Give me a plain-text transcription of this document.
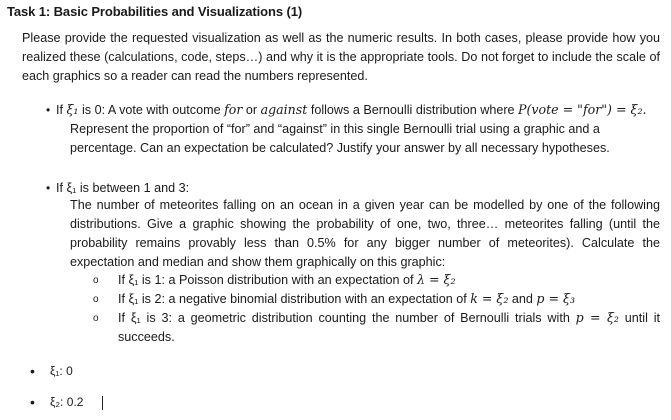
Task 1: Basic Probabilities and Visualizations (1)
Please provide the requested visualization as well as the numeric results. In both cases, please provide how you realized these (calculations, code, steps…) and why it is the appropriate tools. Do not forget to include the scale of each graphics so a reader can read the numbers represented.
• If ξ₁ is 0: A vote with outcome for or against follows a Bernoulli distribution where P(vote = "for") = ξ₂.
Represent the proportion of “for” and “against” in this single Bernoulli trial using a graphic and a
percentage. Can an expectation be calculated? Justify your answer by all necessary hypotheses.
• If ξ₁ is between 1 and 3:
The number of meteorites falling on an ocean in a given year can be modelled by one of the following distributions. Give a graphic showing the probability of one, two, three… meteorites falling (until the probability remains provably less than 0.5% for any bigger number of meteorites). Calculate the expectation and median and show them graphically on this graphic:
o If ξ₁ is 1: a Poisson distribution with an expectation of λ = ξ₂
o If ξ₁ is 2: a negative binomial distribution with an expectation of k = ξ₂ and p = ξ₃
o If ξ₁ is 3: a geometric distribution counting the number of Bernoulli trials with p = ξ₂ until it succeeds.
• ξ₁: 0
• ξ₂: 0.2
